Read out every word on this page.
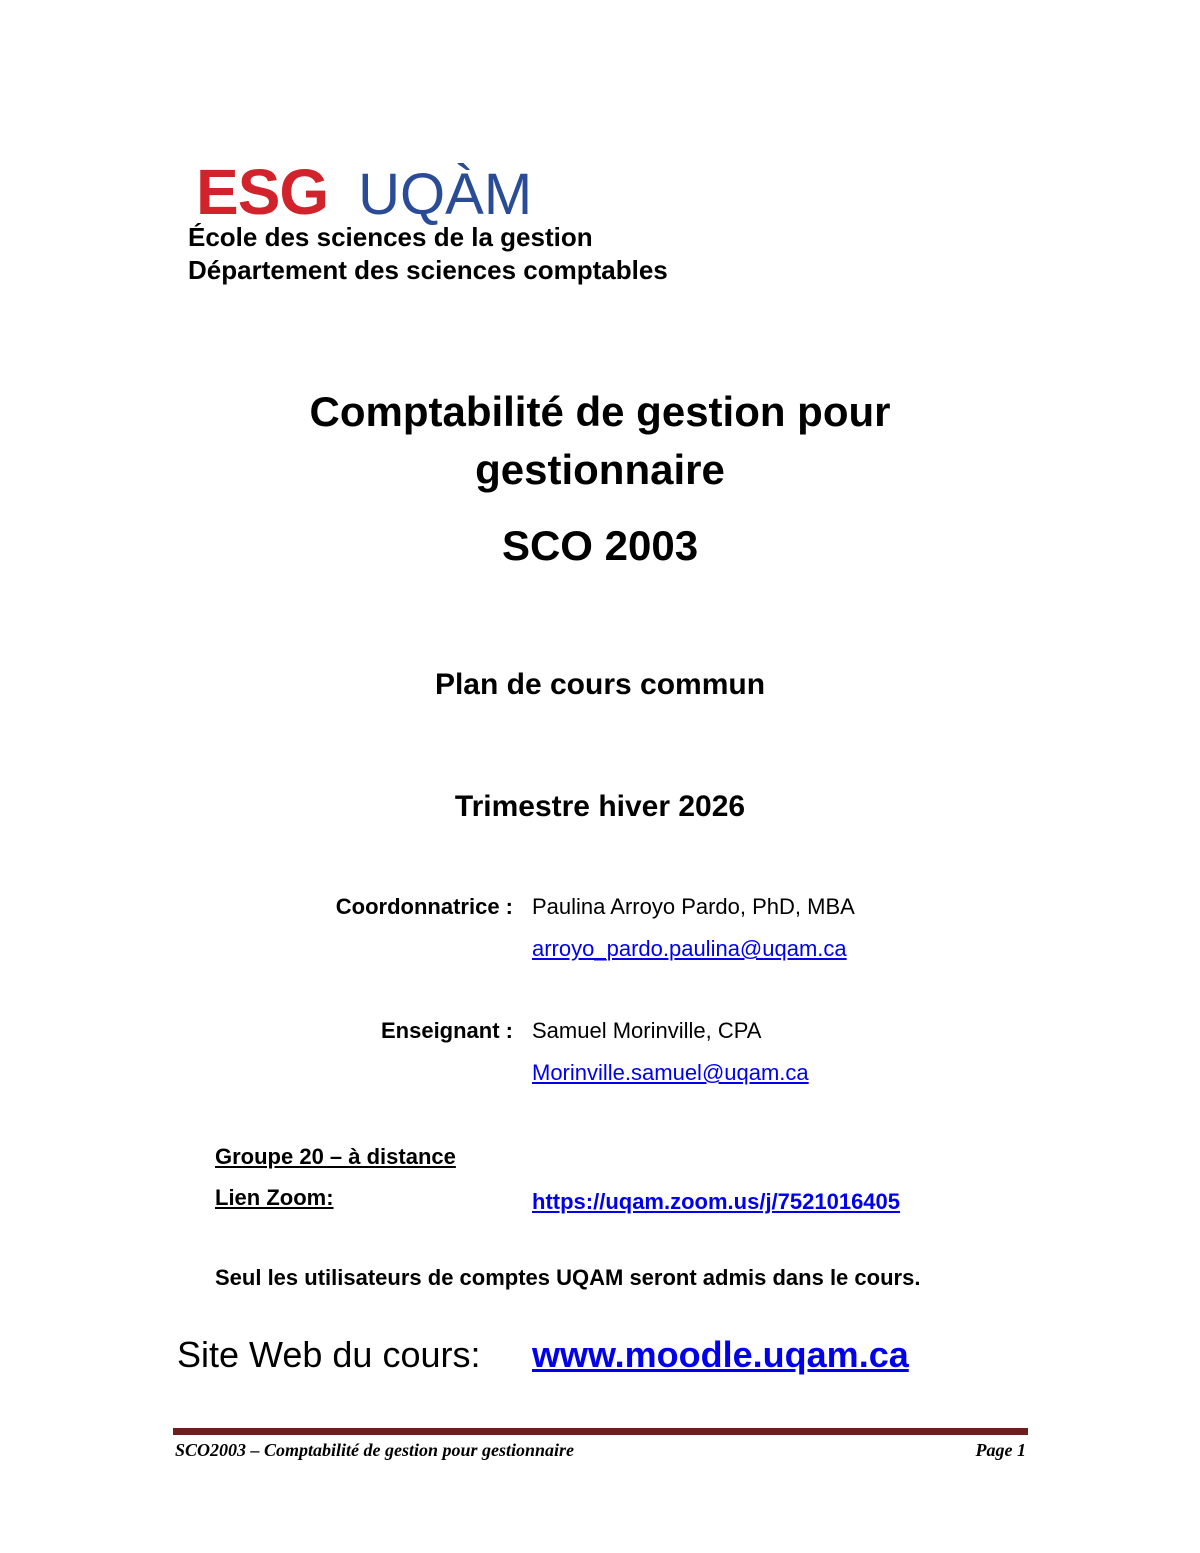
ESG UQÀM
École des sciences de la gestion
Département des sciences comptables
Comptabilité de gestion pour
gestionnaire
SCO 2003
Plan de cours commun
Trimestre hiver 2026
Coordonnatrice : Paulina Arroyo Pardo, PhD, MBA
arroyo_pardo.paulina@uqam.ca
Enseignant : Samuel Morinville, CPA
Morinville.samuel@uqam.ca
Groupe 20 – à distance
Lien Zoom:	https://uqam.zoom.us/j/7521016405
Seul les utilisateurs de comptes UQAM seront admis dans le cours.
Site Web du cours: www.moodle.uqam.ca
SCO2003 – Comptabilité de gestion pour gestionnaire	Page 1
